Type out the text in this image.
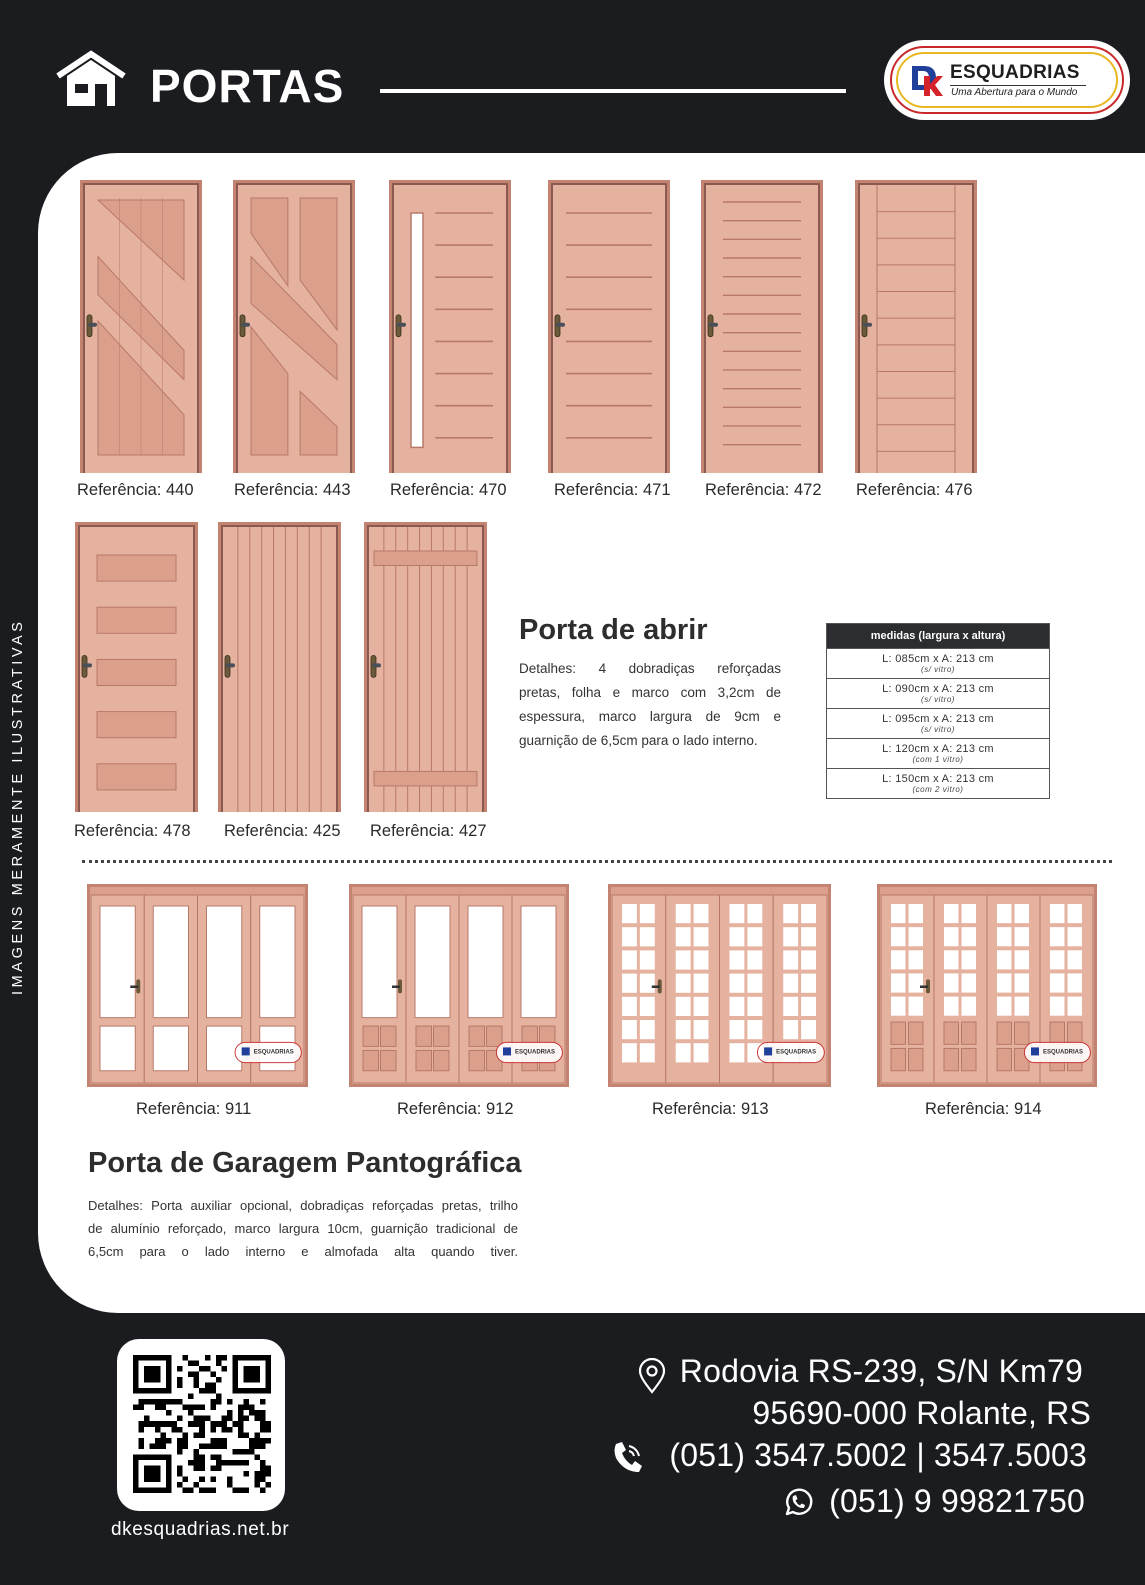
PORTAS	ESQUADRIAS
Uma Abertura para o Mundo
IMAGENS MERAMENTE ILUSTRATIVAS
Referência: 440 Referência: 443 Referência: 470	Referência: 471 Referência: 472 Referência: 476
Referência: 478 Referência: 425 Referência: 427
Porta de abrir
Detalhes: 4 dobradiças reforçadas
pretas, folha e marco com 3,2cm de
espessura, marco largura de 9cm e
guarnição de 6,5cm para o lado interno.
medidas (largura x altura)
L: 085cm x A: 213 cm
(s/ vitro)
L: 090cm x A: 213 cm
(s/ vitro)
L: 095cm x A: 213 cm
(s/ vitro)
L: 120cm x A: 213 cm
(com 1 vitro)
L: 150cm x A: 213 cm
(com 2 vitro)
ESQUADRIAS
Referência: 911
ESQUADRIAS
Referência: 912
ESQUADRIAS
Referência: 913
ESQUADRIAS
Referência: 914
Porta de Garagem Pantográfica
Detalhes: Porta auxiliar opcional, dobradiças reforçadas pretas, trilho
de alumínio reforçado, marco largura 10cm, guarnição tradicional de
6,5cm para o lado interno e almofada alta quando tiver.
dkesquadrias.net.br
Rodovia RS-239, S/N Km79
95690-000 Rolante, RS
(051) 3547.5002 | 3547.5003
(051) 9 99821750
